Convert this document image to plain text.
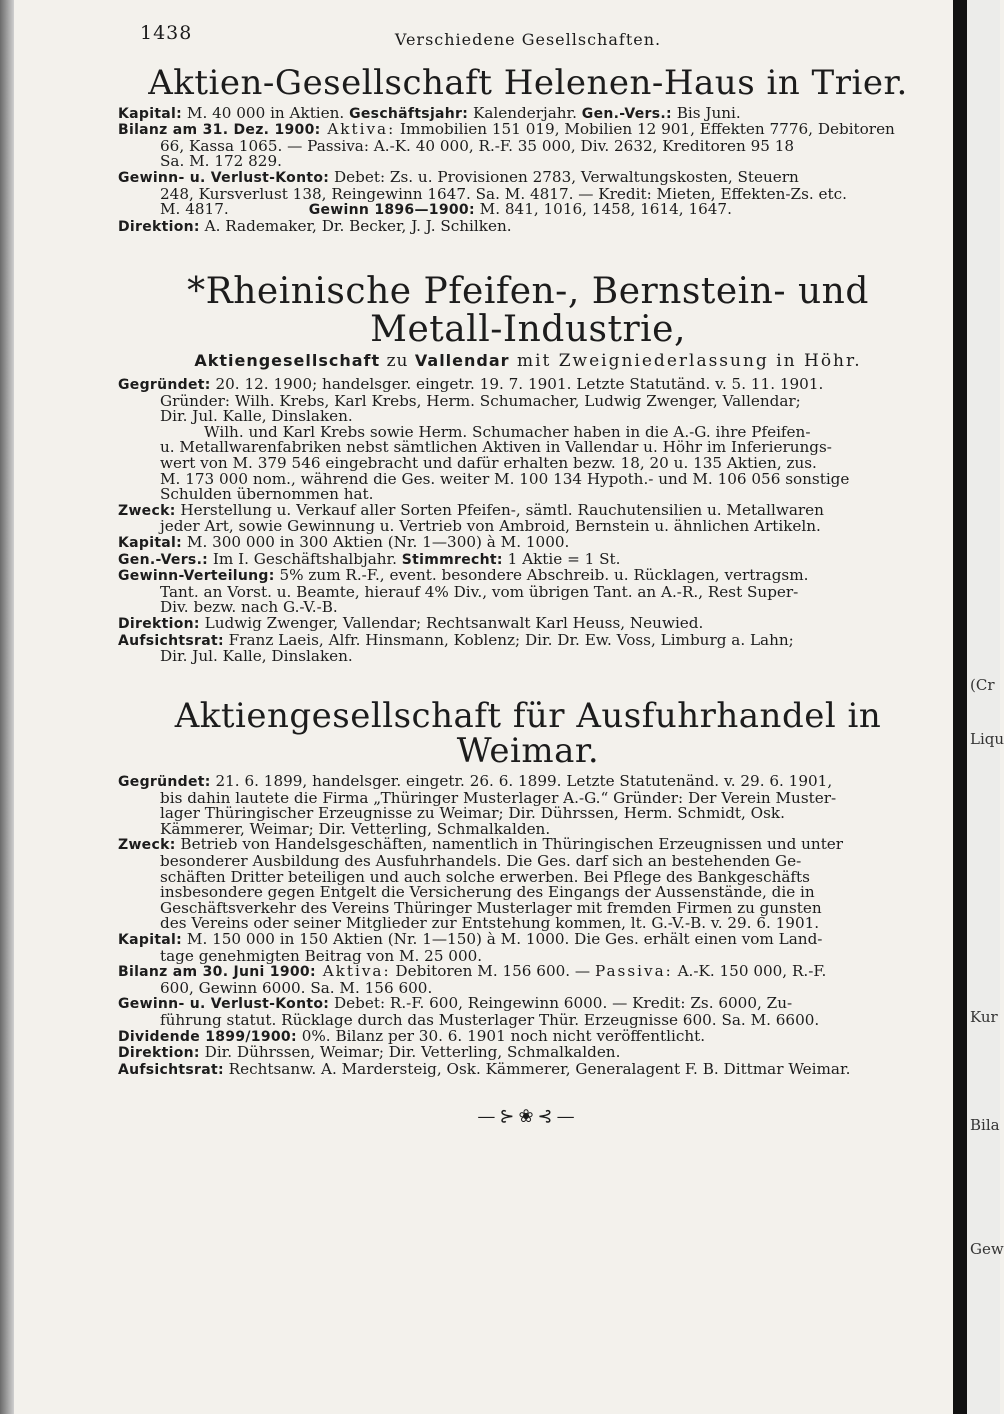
(Cr
Liqu
Kur
Bila
Gew
1438	Verschiedene Gesellschaften.
Aktien-Gesellschaft Helenen-Haus in Trier.

Kapital: M. 40 000 in Aktien. Geschäftsjahr: Kalenderjahr. Gen.-Vers.: Bis Juni.

Bilanz am 31. Dez. 1900: Aktiva: Immobilien 151 019, Mobilien 12 901, Effekten 7776, Debitoren

66, Kassa 1065. — Passiva: A.-K. 40 000, R.-F. 35 000, Div. 2632, Kreditoren 95 18

Sa. M. 172 829.

Gewinn- u. Verlust-Konto: Debet: Zs. u. Provisionen 2783, Verwaltungskosten, Steuern

248, Kursverlust 138, Reingewinn 1647. Sa. M. 4817. — Kredit: Mieten, Effekten-Zs. etc.

M. 4817.	Gewinn 1896—1900: M. 841, 1016, 1458, 1614, 1647.

Direktion: A. Rademaker, Dr. Becker, J. J. Schilken.

*Rheinische Pfeifen-, Bernstein- und Metall-Industrie,
Aktiengesellschaft zu Vallendar mit Zweigniederlassung in Höhr.

Gegründet: 20. 12. 1900; handelsger. eingetr. 19. 7. 1901. Letzte Statutänd. v. 5. 11. 1901.

Gründer: Wilh. Krebs, Karl Krebs, Herm. Schumacher, Ludwig Zwenger, Vallendar;

Dir. Jul. Kalle, Dinslaken.

Wilh. und Karl Krebs sowie Herm. Schumacher haben in die A.-G. ihre Pfeifen-

u. Metallwarenfabriken nebst sämtlichen Aktiven in Vallendar u. Höhr im Inferierungs-

wert von M. 379 546 eingebracht und dafür erhalten bezw. 18, 20 u. 135 Aktien, zus.

M. 173 000 nom., während die Ges. weiter M. 100 134 Hypoth.- und M. 106 056 sonstige

Schulden übernommen hat.

Zweck: Herstellung u. Verkauf aller Sorten Pfeifen-, sämtl. Rauchutensilien u. Metallwaren

jeder Art, sowie Gewinnung u. Vertrieb von Ambroid, Bernstein u. ähnlichen Artikeln.

Kapital: M. 300 000 in 300 Aktien (Nr. 1—300) à M. 1000.

Gen.-Vers.: Im I. Geschäftshalbjahr. Stimmrecht: 1 Aktie = 1 St.

Gewinn-Verteilung: 5% zum R.-F., event. besondere Abschreib. u. Rücklagen, vertragsm.

Tant. an Vorst. u. Beamte, hierauf 4% Div., vom übrigen Tant. an A.-R., Rest Super-

Div. bezw. nach G.-V.-B.

Direktion: Ludwig Zwenger, Vallendar; Rechtsanwalt Karl Heuss, Neuwied.

Aufsichtsrat: Franz Laeis, Alfr. Hinsmann, Koblenz; Dir. Dr. Ew. Voss, Limburg a. Lahn;

Dir. Jul. Kalle, Dinslaken.

Aktiengesellschaft für Ausfuhrhandel in Weimar.

Gegründet: 21. 6. 1899, handelsger. eingetr. 26. 6. 1899. Letzte Statutenänd. v. 29. 6. 1901,

bis dahin lautete die Firma „Thüringer Musterlager A.-G.“ Gründer: Der Verein Muster-

lager Thüringischer Erzeugnisse zu Weimar; Dir. Dührssen, Herm. Schmidt, Osk.

Kämmerer, Weimar; Dir. Vetterling, Schmalkalden.

Zweck: Betrieb von Handelsgeschäften, namentlich in Thüringischen Erzeugnissen und unter

besonderer Ausbildung des Ausfuhrhandels. Die Ges. darf sich an bestehenden Ge-

schäften Dritter beteiligen und auch solche erwerben. Bei Pflege des Bankgeschäfts

insbesondere gegen Entgelt die Versicherung des Eingangs der Aussenstände, die in

Geschäftsverkehr des Vereins Thüringer Musterlager mit fremden Firmen zu gunsten

des Vereins oder seiner Mitglieder zur Entstehung kommen, lt. G.-V.-B. v. 29. 6. 1901.

Kapital: M. 150 000 in 150 Aktien (Nr. 1—150) à M. 1000. Die Ges. erhält einen vom Land-

tage genehmigten Beitrag von M. 25 000.

Bilanz am 30. Juni 1900: Aktiva: Debitoren M. 156 600. — Passiva: A.-K. 150 000, R.-F.

600, Gewinn 6000. Sa. M. 156 600.

Gewinn- u. Verlust-Konto: Debet: R.-F. 600, Reingewinn 6000. — Kredit: Zs. 6000, Zu-

führung statut. Rücklage durch das Musterlager Thür. Erzeugnisse 600. Sa. M. 6600.

Dividende 1899/1900: 0%. Bilanz per 30. 6. 1901 noch nicht veröffentlicht.

Direktion: Dir. Dührssen, Weimar; Dir. Vetterling, Schmalkalden.

Aufsichtsrat: Rechtsanw. A. Mardersteig, Osk. Kämmerer, Generalagent F. B. Dittmar Weimar.

—⊱❀⊰—
